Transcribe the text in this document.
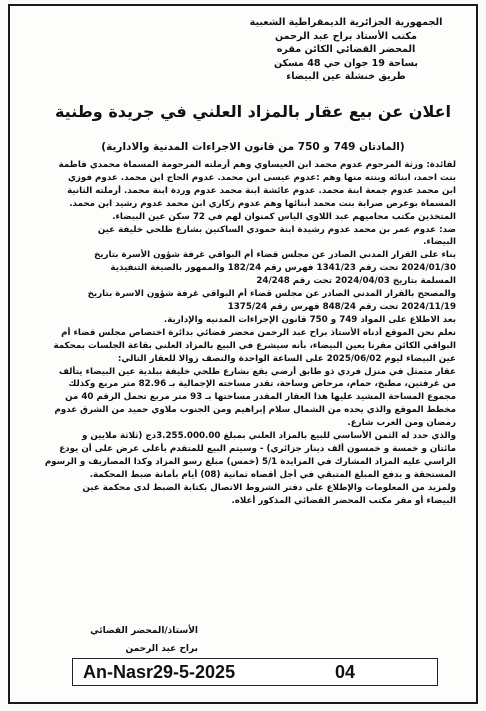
الجمهورية الجزائرية الديمقراطية الشعبية
مكتب الأستاذ براح عبد الرحمن
المحضر القضائي الكائن مقره
بساحة 19 جوان حي 48 مسكن
طريق خنشلة عين البيضاء
اعلان عن بيع عقار بالمزاد العلني في جريدة وطنية
(المادتان 749 و 750 من قانون الاجراءات المدنية والادارية)
لفائدة: ورثة المرحوم عدوم محمد ابن العيساوي وهم أرملته المرحومة المسماة محمدي فاطمة
بنت احمد، ابنائه وبنته منها وهم :عدوم عيسى ابن محمد. عدوم الحاج ابن محمد. عدوم فوزي
ابن محمد عدوم جمعة ابنة محمد. عدوم عائشة ابنة محمد عدوم وردة ابنة محمد. أرملته الثانية
المسماة بوعرص صرابة بنت محمد أبنائها وهم عدوم زكاري ابن محمد عدوم رشيد ابن محمد.
المتخذين مكتب محاميهم عبد اللاوي الياس كمنوان لهم في 72 سكن عين البيضاء.
ضد: عدوم عمر بن محمد عدوم رشيدة ابنة حمودي الساكنين بشارع طلحي خليفة عين
البيضاء.
بناء على القرار المدني الصادر عن مجلس قضاء أم البواقي غرفة شؤون الأسرة بتاريخ
2024/01/30 تحت رقم 1341/23 فهرس رقم 182/24 والممهور بالصيغة التنفيذية
المسلمة بتاريخ 2024/04/03 تحت رقم 24/248
والمصحح بالقرار المدني الصادر عن مجلس قضاء أم البواقي غرفة شؤون الاسرة بتاريخ
2024/11/19 تحت رقم 848/24 فهرس رقم 1375/24
بعد الاطلاع على المواد 749 و 750 قانون الإجراءات المدنيه والإدارية.
نعلم نحن الموقع أدناه الأستاذ براح عبد الرحمن محضر قضائي بدائرة اختصاص مجلس قضاء أم
البواقي الكائن مقرنا بعين البيضاء، بأنه سيشرع في البيع بالمزاد العلني بقاعة الجلسات بمحكمة
عين البيضاء ليوم 2025/06/02 على الساعة الواحدة والنصف زوالا للعقار التالي:
عقار متمثل في منزل فردي ذو طابق أرضي يقع بشارع طلحي خليفة ببلدية عين البيضاء يتألف
من غرفتين، مطبخ، حمام، مرحاض وساحة، تقدر مساحته الإجمالية بـ 82.96 متر مربع وكذلك
مجموع المساحة المشيد عليها هذا العقار المقدر مساحتها بـ 93 متر مربع تحمل الرقم 40 من
مخطط الموقع والذي يحده من الشمال سلام إبراهيم ومن الجنوب ملاوي حميد من الشرق عدوم
رمضان ومن الغرب شارع.
والذي حدد له الثمن الأساسي للبيع بالمزاد العلني بمبلغ 3.255.000.00دج (ثلاثة ملايين و
مائتان و خمسة و خمسون ألف دينار جزائري) - وسيتم البيع للمتقدم بأعلى عرض على أن يودع
الراسي عليه المزاد المشارك في المزايدة 5/1 (خمس) مبلغ رسو المزاد وكذا المصاريف و الرسوم
المستحقة و بدفع المبلغ المتبقي في أجل أقصاه ثمانية (08) أيام بأمانة ضبط المحكمة.
ولمزيد من المعلومات والإطلاع على دفتر الشروط الاتصال بكتابة الضبط لدى محكمة عين
البيضاء أو مقر مكتب المحضر القضائي المذكور أعلاه.
الأستاذ/المحضر القضائي
براح عبد الرحمن
An-Nasr29-5-2025	04
